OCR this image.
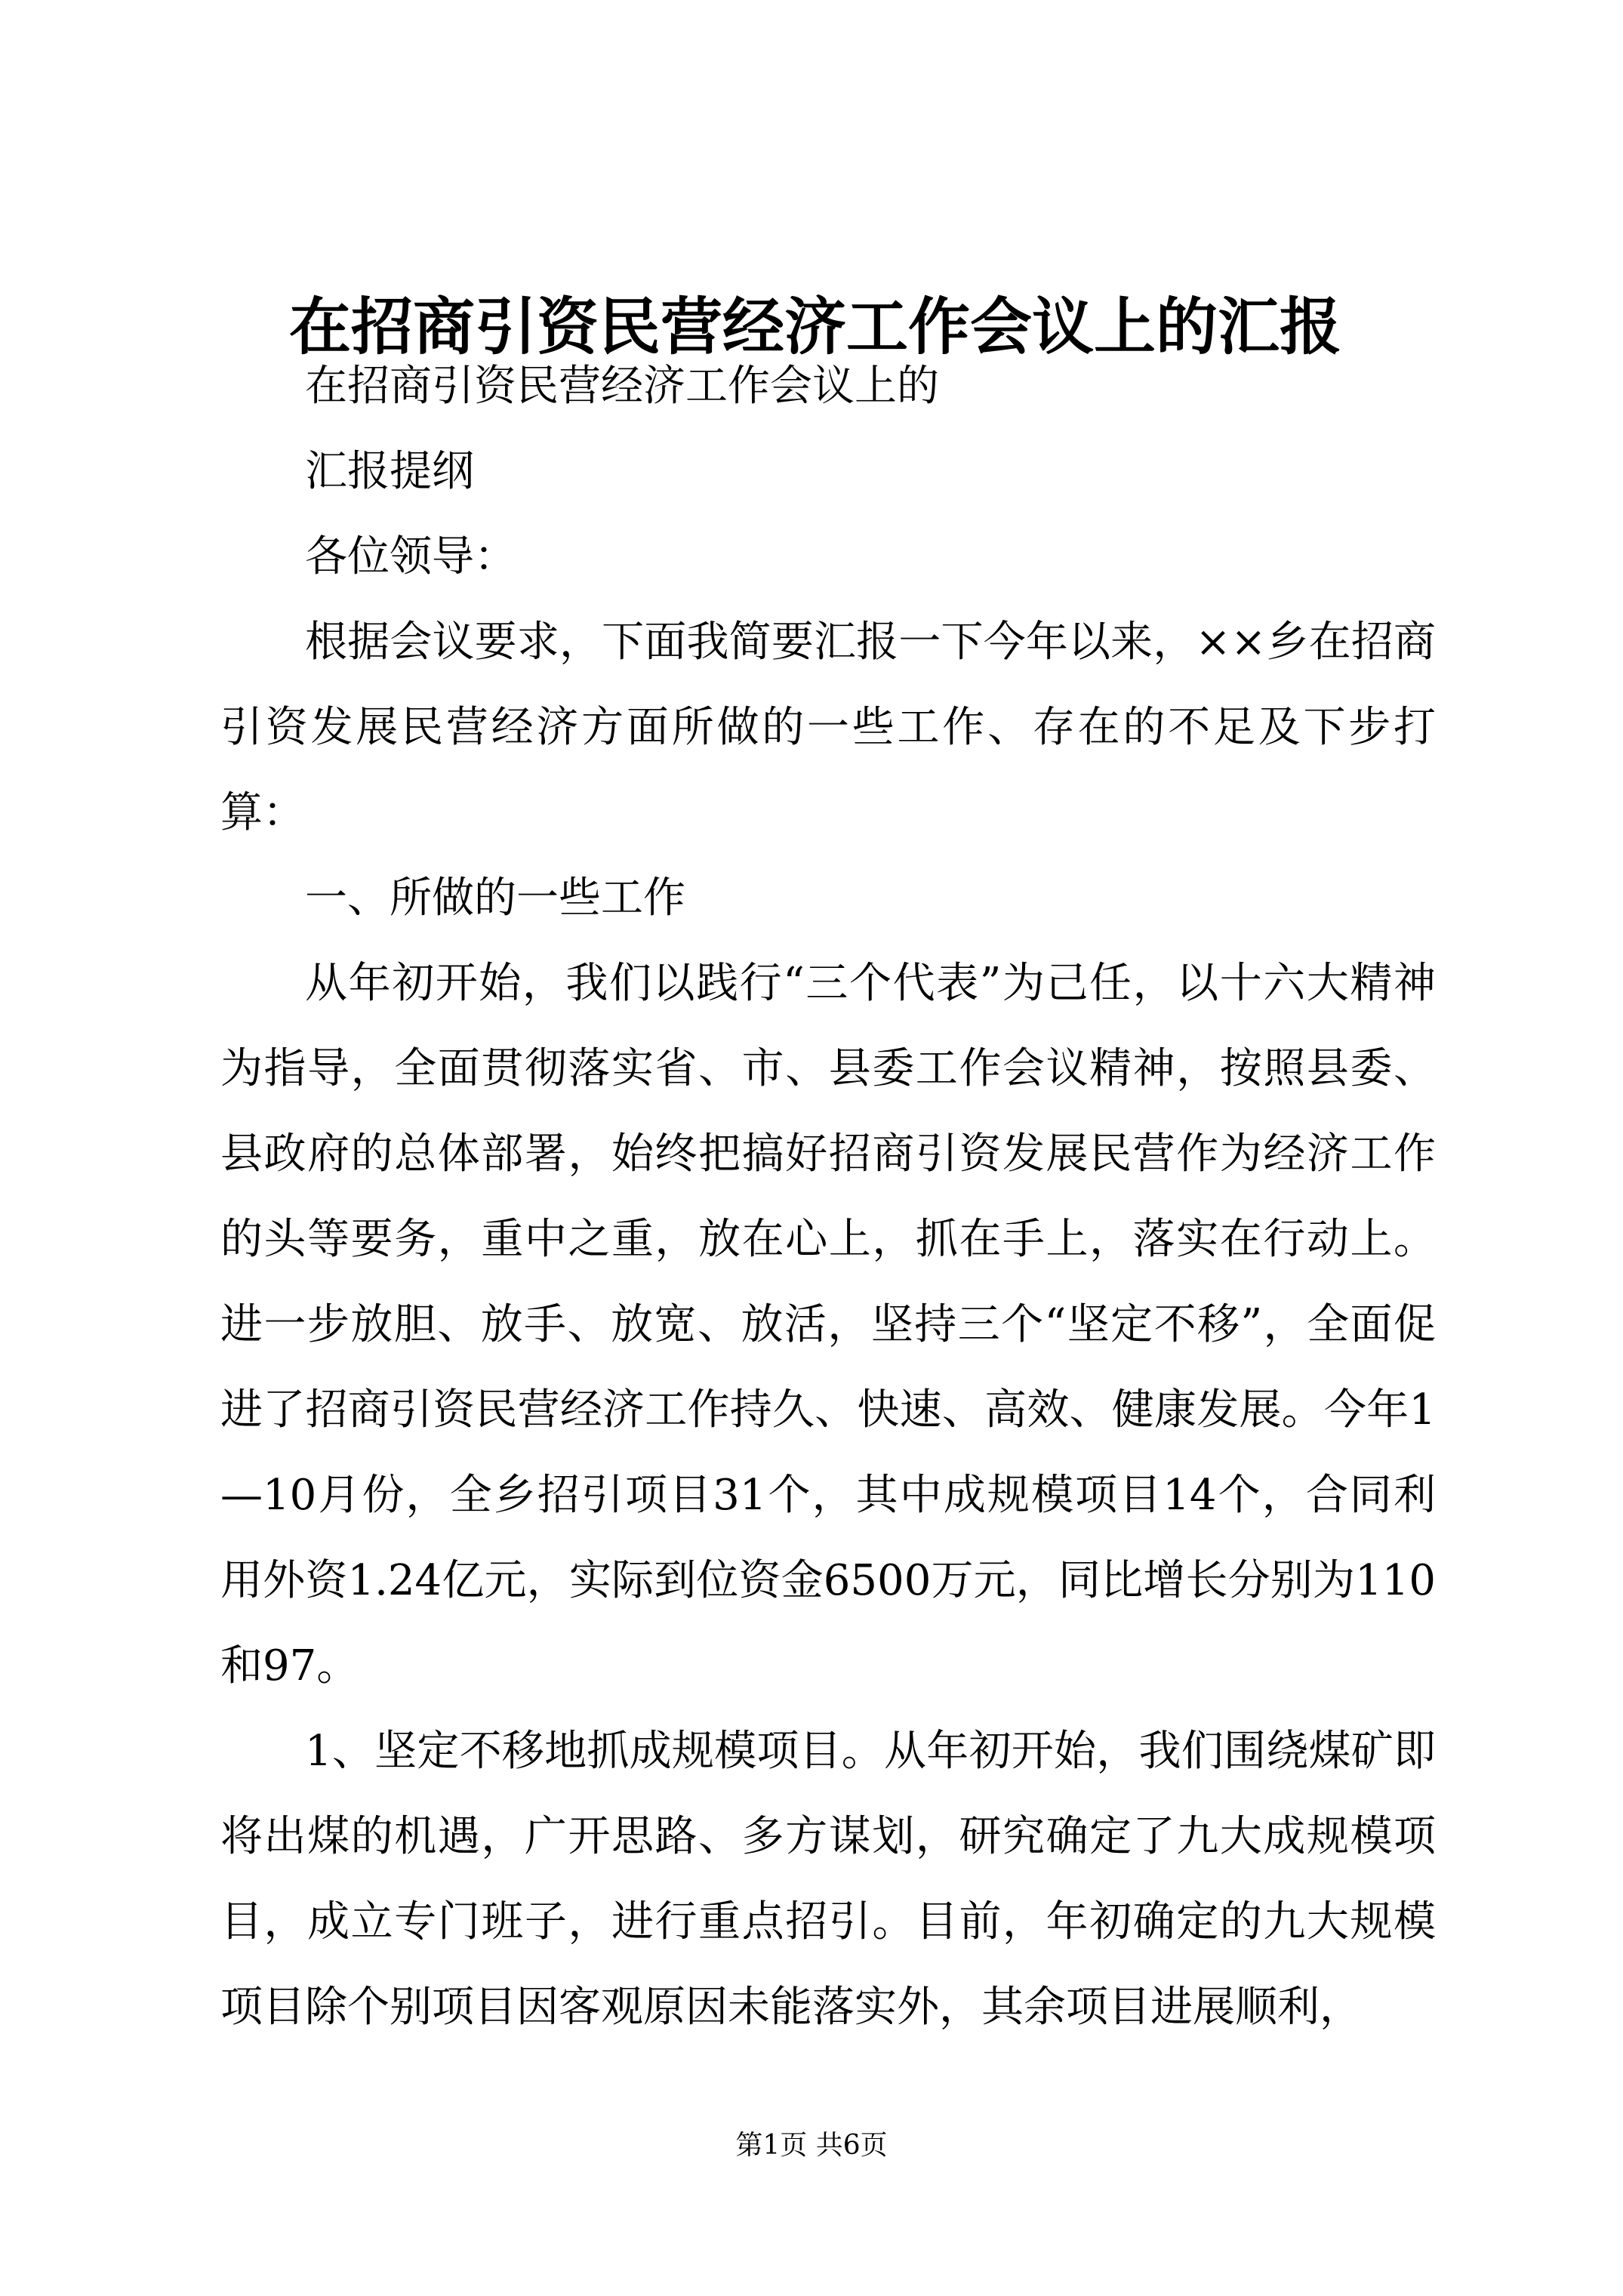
在招商引资民营经济工作会议上的汇报

在招商引资民营经济工作会议上的

汇报提纲

各位领导：

根据会议要求，下面我简要汇报一下今年以来，××乡在招商引资发展民营经济方面所做的一些工作、存在的不足及下步打算：

一、所做的一些工作

从年初开始，我们以践行“三个代表”为己任，以十六大精神为指导，全面贯彻落实省、市、县委工作会议精神，按照县委、县政府的总体部署，始终把搞好招商引资发展民营作为经济工作的头等要务，重中之重，放在心上，抓在手上，落实在行动上。进一步放胆、放手、放宽、放活，坚持三个“坚定不移”，全面促进了招商引资民营经济工作持久、快速、高效、健康发展。今年1—10月份，全乡招引项目31个，其中成规模项目14个，合同利用外资1.24亿元，实际到位资金6500万元，同比增长分别为110和97。

1、坚定不移地抓成规模项目。从年初开始，我们围绕煤矿即将出煤的机遇，广开思路、多方谋划，研究确定了九大成规模项目，成立专门班子，进行重点招引。目前，年初确定的九大规模项目除个别项目因客观原因未能落实外，其余项目进展顺利，

第1页 共6页
